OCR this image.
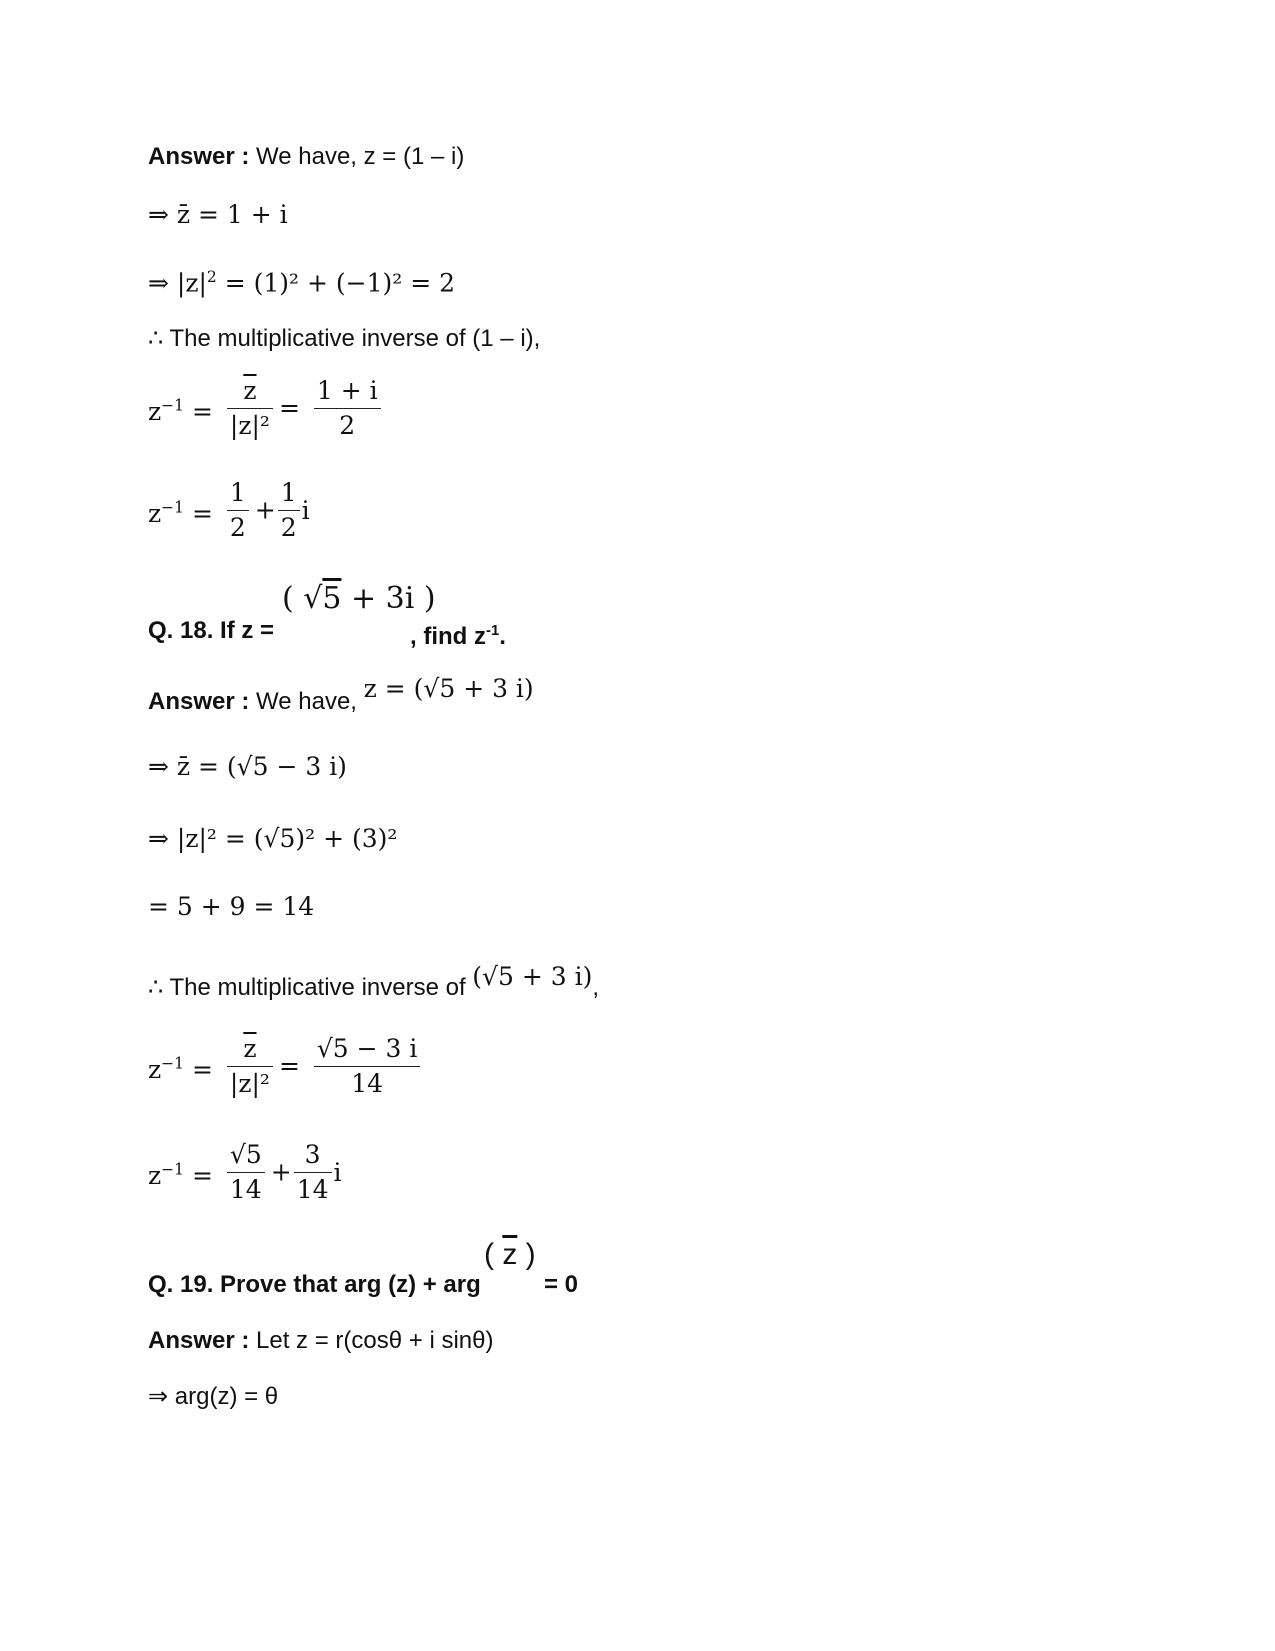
Answer : We have, z = (1 – i)
⇒ z̄ = 1 + i
⇒ $|z|^2 = (1)^2 + (-1)^2 = 2$
∴ The multiplicative inverse of (1 – i),
$z^{-1} = \frac{\overline{z}}{\text{|z|²}} = \frac{1 + i}{2}$
$z^{-1} = \frac{1}{2} + \frac{1}{2}$ i
Q. 18. If z =
( √5 + 3i )
, find $z^{-1}$.
Answer : We have, z = (√5 + 3 i)
⇒ z̄ = (√5 − 3 i)
⇒ |z|² = (√5)² + (3)²
= 5 + 9 = 14
∴ The multiplicative inverse of (√5 + 3 i),
$z^{-1} = \frac{\overline{z}}{\text{|z|²}} = \frac{√5 - 3 i}{14}$
$z^{-1} = \frac{√5}{14} + \frac{3}{14}$ i
Q. 19. Prove that arg (z) + arg
( $\overline{z}$ )
= 0
Answer : Let z = r(cosθ + i sinθ)
⇒ arg(z) = θ
